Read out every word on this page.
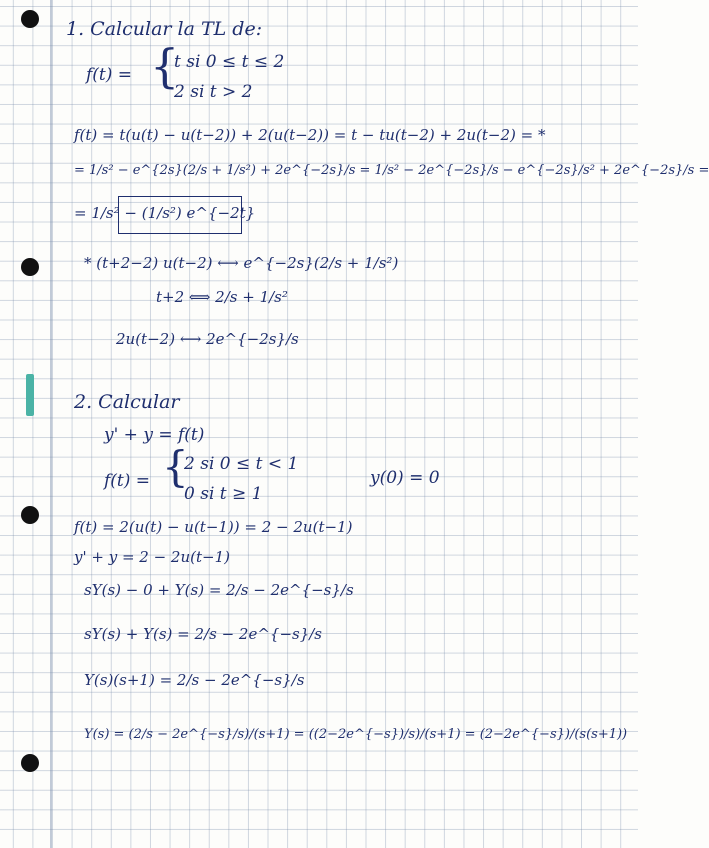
1. Calcular la TL de:
f(t) = {
t si 0 ≤ t ≤ 2
2 si t > 2
f(t) = t(u(t) − u(t−2)) + 2(u(t−2)) = t − tu(t−2) + 2u(t−2) = *
= 1/s² − e^{2s}(2/s + 1/s²) + 2e^{−2s}/s = 1/s² − 2e^{−2s}/s − e^{−2s}/s² + 2e^{−2s}/s =
= 1/s² − (1/s²) e^{−2t}
* (t+2−2) u(t−2) ⟷ e^{−2s}(2/s + 1/s²)
t+2 ⟺ 2/s + 1/s²
2u(t−2) ⟷ 2e^{−2s}/s
2. Calcular
y' + y = f(t)
f(t) = {
2 si 0 ≤ t < 1
0 si t ≥ 1
y(0) = 0
f(t) = 2(u(t) − u(t−1)) = 2 − 2u(t−1)
y' + y = 2 − 2u(t−1)
sY(s) − 0 + Y(s) = 2/s − 2e^{−s}/s
sY(s) + Y(s) = 2/s − 2e^{−s}/s
Y(s)(s+1) = 2/s − 2e^{−s}/s
Y(s) = (2/s − 2e^{−s}/s)/(s+1) = ((2−2e^{−s})/s)/(s+1) = (2−2e^{−s})/(s(s+1))
